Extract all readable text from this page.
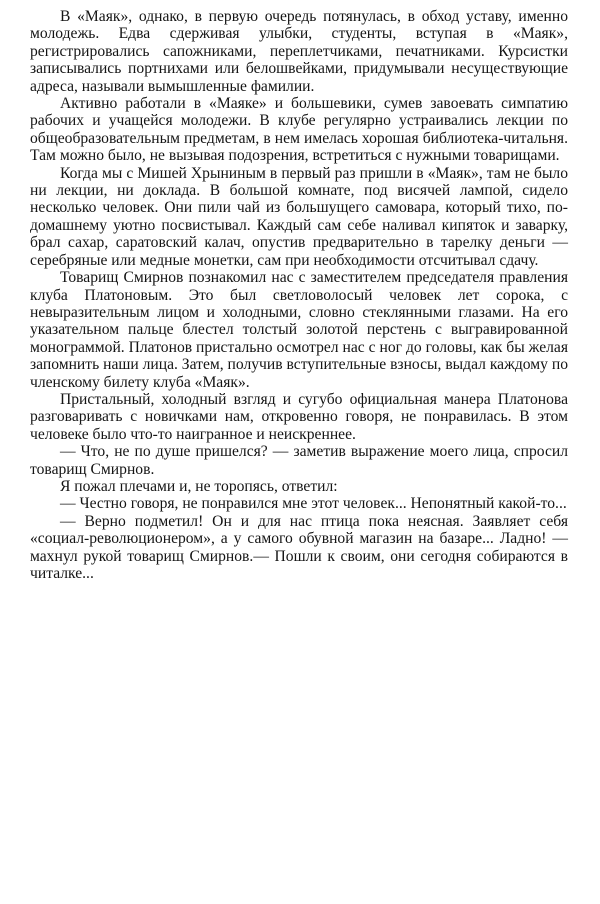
В «Маяк», однако, в первую очередь потянулась, в обход уставу, именно молодежь. Едва сдерживая улыбки, студенты, вступая в «Маяк», регистрировались сапожниками, переплетчиками, печатниками. Курсистки записывались портнихами или белошвейками, придумывали несуществующие адреса, называли вымышленные фамилии.

Активно работали в «Маяке» и большевики, сумев завоевать симпатию рабочих и учащейся молодежи. В клубе регулярно устраивались лекции по общеобразовательным предметам, в нем имелась хорошая библиотека-читальня. Там можно было, не вызывая подозрения, встретиться с нужными товарищами.

Когда мы с Мишей Хрыниным в первый раз пришли в «Маяк», там не было ни лекции, ни доклада. В большой комнате, под висячей лампой, сидело несколько человек. Они пили чай из большущего самовара, который тихо, по-домашнему уютно посвистывал. Каждый сам себе наливал кипяток и заварку, брал сахар, саратовский калач, опустив предварительно в тарелку деньги — серебряные или медные монетки, сам при необходимости отсчитывал сдачу.

Товарищ Смирнов познакомил нас с заместителем председателя правления клуба Платоновым. Это был светловолосый человек лет сорока, с невыразительным лицом и холодными, словно стеклянными глазами. На его указательном пальце блестел толстый золотой перстень с выгравированной монограммой. Платонов пристально осмотрел нас с ног до головы, как бы желая запомнить наши лица. Затем, получив вступительные взносы, выдал каждому по членскому билету клуба «Маяк».

Пристальный, холодный взгляд и сугубо официальная манера Платонова разговаривать с новичками нам, откровенно говоря, не понравилась. В этом человеке было что-то наигранное и неискреннее.

— Что, не по душе пришелся? — заметив выражение моего лица, спросил товарищ Смирнов.

Я пожал плечами и, не торопясь, ответил:

— Честно говоря, не понравился мне этот человек... Непонятный какой-то...

— Верно подметил! Он и для нас птица пока неясная. Заявляет себя «социал-революционером», а у самого обувной магазин на базаре... Ладно! — махнул рукой товарищ Смирнов.— Пошли к своим, они сегодня собираются в читалке...
